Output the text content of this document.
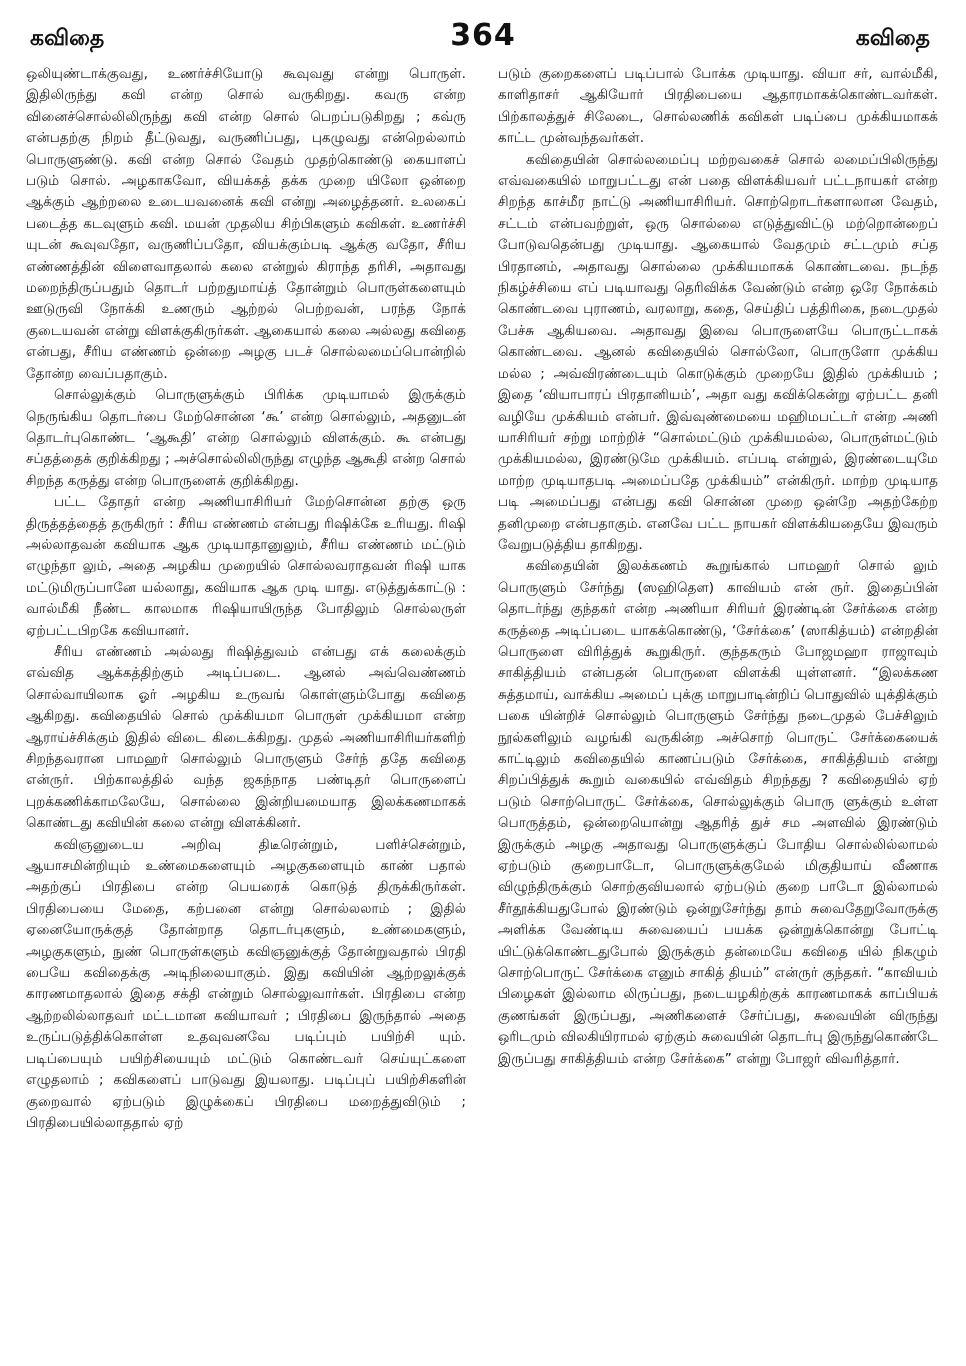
கவிதை	364	கவிதை

ஒலியுண்டாக்குவது, உணர்ச்சியோடு கூவுவது என்று பொருள். இதிலிருந்து கவி என்ற சொல் வருகிறது. கவரு என்ற வினைச்சொல்லிலிருந்து கவி என்ற சொல் பெறப்படுகிறது ; கவ்ரு என்பதற்கு நிறம் தீட்டுவது, வருணிப்பது, புகழுவது என்றெல்லாம் பொருளுண்டு. கவி என்ற சொல் வேதம் முதற்கொண்டு கையாளப் படும் சொல். அழகாகவோ, வியக்கத் தக்க முறை யிலோ ஒன்றை ஆக்கும் ஆற்றலை உடையவனைக் கவி என்று அழைத்தனர். உலகைப் படைத்த கடவுளும் கவி. மயன் முதலிய சிற்பிகளும் கவிகள். உணர்ச்சி யுடன் கூவுவதோ, வருணிப்பதோ, வியக்கும்படி ஆக்கு வதோ, சீரிய எண்ணத்தின் விளைவாதலால் கலை என்றுல் கிராந்த தரிசி, அதாவது மறைந்திருப்பதும் தொடர் பற்றதுமாய்த் தோன்றும் பொருள்களையும் ஊடுருவி நோக்கி உணரும் ஆற்றல் பெற்றவன், பரந்த நோக் குடையவன் என்று விளக்குகிருர்கள். ஆகையால் கலை அல்லது கவிதை என்பது, சீரிய எண்ணம் ஒன்றை அழகு படச் சொல்லமைப்பொன்றில் தோன்ற வைப்பதாகும்.

சொல்லுக்கும் பொருளுக்கும் பிரிக்க முடியாமல் இருக்கும் நெருங்கிய தொடர்பை மேற்சொன்ன ‘கூ’ என்ற சொல்லும், அதனுடன் தொடர்புகொண்ட ‘ஆகூதி’ என்ற சொல்லும் விளக்கும். கூ என்பது சப்தத்தைக் குறிக்கிறது ; அச்சொல்லிலிருந்து எழுந்த ஆகூதி என்ற சொல் சிறந்த கருத்து என்ற பொருளைக் குறிக்கிறது.

பட்ட தோதர் என்ற அணியாசிரியர் மேற்சொன்ன தற்கு ஒரு திருத்தத்தைத் தருகிருர் : சீரிய எண்ணம் என்பது ரிஷிக்கே உரியது. ரிஷி அல்லாதவன் கவியாக ஆக முடியாதானுலும், சீரிய எண்ணம் மட்டும் எழுந்தா லும், அதை அழகிய முறையில் சொல்லவராதவன் ரிஷி யாக மட்டுமிருப்பானே யல்லாது, கவியாக ஆக முடி யாது. எடுத்துக்காட்டு : வால்மீகி நீண்ட காலமாக ரிஷியாயிருந்த போதிலும் சொல்லருள் ஏற்பட்டபிறகே கவியானர்.

சீரிய எண்ணம் அல்லது ரிஷித்துவம் என்பது எக் கலைக்கும் எவ்வித ஆக்கத்திற்கும் அடிப்படை. ஆனல் அவ்வெண்ணம் சொல்வாயிலாக ஓர் அழகிய உருவங் கொள்ளும்போது கவிதை ஆகிறது. கவிதையில் சொல் முக்கியமா பொருள் முக்கியமா என்ற ஆராய்ச்சிக்கும் இதில் விடை கிடைக்கிறது. முதல் அணியாசிரியர்களிற் சிறந்தவரான பாமஹர் சொல்லும் பொருளும் சேர்ந் ததே கவிதை என்ருர். பிற்காலத்தில் வந்த ஜகந்நாத பண்டிதர் பொருளைப் புறக்கணிக்காமலேயே, சொல்லை இன்றியமையாத இலக்கணமாகக் கொண்டது கவியின் கலை என்று விளக்கினர்.

கவிஞனுடைய அறிவு திடீரென்றும், பளிச்சென்றும், ஆயாசமின்றியும் உண்மைகளையும் அழகுகளையும் காண் பதால் அதற்குப் பிரதிபை என்ற பெயரைக் கொடுத் திருக்கிருர்கள். பிரதிபையை மேதை, கற்பனை என்று சொல்லலாம் ; இதில் ஏனையோருக்குத் தோன்றாத தொடர்புகளும், உண்மைகளும், அழகுகளும், நுண் பொருள்களும் கவிஞனுக்குத் தோன்றுவதால் பிரதி பையே கவிதைக்கு அடிநிலையாகும். இது கவியின் ஆற்றலுக்குக் காரணமாதலால் இதை சக்தி என்றும் சொல்லுவார்கள். பிரதிபை என்ற ஆற்றலில்லாதவர் மட்டமான கவியாவர் ; பிரதிபை இருந்தால் அதை உருப்படுத்திக்கொள்ள உதவுவனவே படிப்பும் பயிற்சி யும். படிப்பையும் பயிற்சியையும் மட்டும் கொண்டவர் செய்யுட்களை எழுதலாம் ; கவிகளைப் பாடுவது இயலாது. படிப்புப் பயிற்சிகளின் குறைவால் ஏற்படும் இழுக்கைப் பிரதிபை மறைத்துவிடும் ; பிரதிபையில்லாததால் ஏற்

படும் குறைகளைப் படிப்பால் போக்க முடியாது. வியா சர், வால்மீகி, காளிதாசர் ஆகியோர் பிரதிபையை ஆதாரமாகக்கொண்டவர்கள். பிற்காலத்துச் சிலேடை, சொல்லணிக் கவிகள் படிப்பை முக்கியமாகக் காட்ட முன்வந்தவர்கள்.

கவிதையின் சொல்லமைப்பு மற்றவகைச் சொல் லமைப்பிலிருந்து எவ்வகையில் மாறுபட்டது என் பதை விளக்கியவர் பட்டநாயகர் என்ற சிறந்த காச்மீர நாட்டு அணியாசிரியர். சொற்றொடர்களாலான வேதம், சட்டம் என்பவற்றுள், ஒரு சொல்லை எடுத்துவிட்டு மற்றொன்றைப் போடுவதென்பது முடியாது. ஆகையால் வேதமும் சட்டமும் சப்த பிரதானம், அதாவது சொல்லை முக்கியமாகக் கொண்டவை. நடந்த நிகழ்ச்சியை எப் படியாவது தெரிவிக்க வேண்டும் என்ற ஒரே நோக்கம் கொண்டவை புராணம், வரலாறு, கதை, செய்திப் பத்திரிகை, நடைமுதல் பேச்சு ஆகியவை. அதாவது இவை பொருளையே பொருட்டாகக் கொண்டவை. ஆனல் கவிதையில் சொல்லோ, பொருளோ முக்கிய மல்ல ; அவ்விரண்டையும் கொடுக்கும் முறையே இதில் முக்கியம் ; இதை ‘வியாபாரப் பிரதானியம்’, அதா வது கவிக்கென்று ஏற்பட்ட தனி வழியே முக்கியம் என்பர். இவ்வுண்மையை மஹிமபட்டர் என்ற அணி யாசிரியர் சற்று மாற்றிச் “சொல்மட்டும் முக்கியமல்ல, பொருள்மட்டும் முக்கியமல்ல, இரண்டுமே முக்கியம். எப்படி என்றுல், இரண்டையுமே மாற்ற முடியாதபடி அமைப்பதே முக்கியம்” என்கிருர். மாற்ற முடியாத படி அமைப்பது என்பது கவி சொன்ன முறை ஒன்றே அதற்கேற்ற தனிமுறை என்பதாகும். எனவே பட்ட நாயகர் விளக்கியதையே இவரும் வேறுபடுத்திய தாகிறது.

கவிதையின் இலக்கணம் கூறுங்கால் பாமஹர் சொல் லும் பொருளும் சேர்ந்து (ஸஹிதௌ) காவியம் என் ருர். இதைப்பின் தொடர்ந்து குந்தகர் என்ற அணியா சிரியர் இரண்டின் சேர்க்கை என்ற கருத்தை அடிப்படை யாகக்கொண்டு, ‘சேர்க்கை’ (ஸாகித்யம்) என்றதின் பொருளை விரித்துக் கூறுகிருர். குந்தகரும் போஜமஹா ராஜாவும் சாகித்தியம் என்பதன் பொருளை விளக்கி யுள்ளனர். “இலக்கண சுத்தமாய், வாக்கிய அமைப் புக்கு மாறுபாடின்றிப் பொதுவில் யுக்திக்கும் பகை யின்றிச் சொல்லும் பொருளும் சேர்ந்து நடைமுதல் பேச்சிலும் நூல்களிலும் வழங்கி வருகின்ற அச்சொற் பொருட் சேர்க்கையைக் காட்டிலும் கவிதையில் காணப்படும் சேர்க்கை, சாகித்தியம் என்று சிறப்பித்துக் கூறும் வகையில் எவ்விதம் சிறந்தது ? கவிதையில் ஏற் படும் சொற்பொருட் சேர்க்கை, சொல்லுக்கும் பொரு ளுக்கும் உள்ள பொருத்தம், ஒன்றையொன்று ஆதரித் துச் சம அளவில் இரண்டும் இருக்கும் அழகு அதாவது பொருளுக்குப் போதிய சொல்லில்லாமல் ஏற்படும் குறைபாடோ, பொருளுக்குமேல் மிகுதியாய் வீணாக விழுந்திருக்கும் சொற்குவியலால் ஏற்படும் குறை பாடோ இல்லாமல் சீர்தூக்கியதுபோல் இரண்டும் ஒன்றுசேர்ந்து தாம் சுவைதேறுவோருக்கு அளிக்க வேண்டிய சுவையைப் பயக்க ஒன்றுக்கொன்று போட்டி யிட்டுக்கொண்டதுபோல் இருக்கும் தன்மையே கவிதை யில் நிகழும் சொற்பொருட் சேர்க்கை எனும் சாகித் தியம்” என்ருர் குந்தகர். “காவியம் பிழைகள் இல்லாம லிருப்பது, நடையழகிற்குக் காரணமாகக் காப்பியக் குணங்கள் இருப்பது, அணிகளைச் சேர்ப்பது, சுவையின் விருந்து ஒரிடமும் விலகியிராமல் ஏற்கும் சுவையின் தொடர்பு இருந்துகொண்டே இருப்பது சாகித்தியம் என்ற சேர்க்கை” என்று போஜர் விவரித்தார்.
